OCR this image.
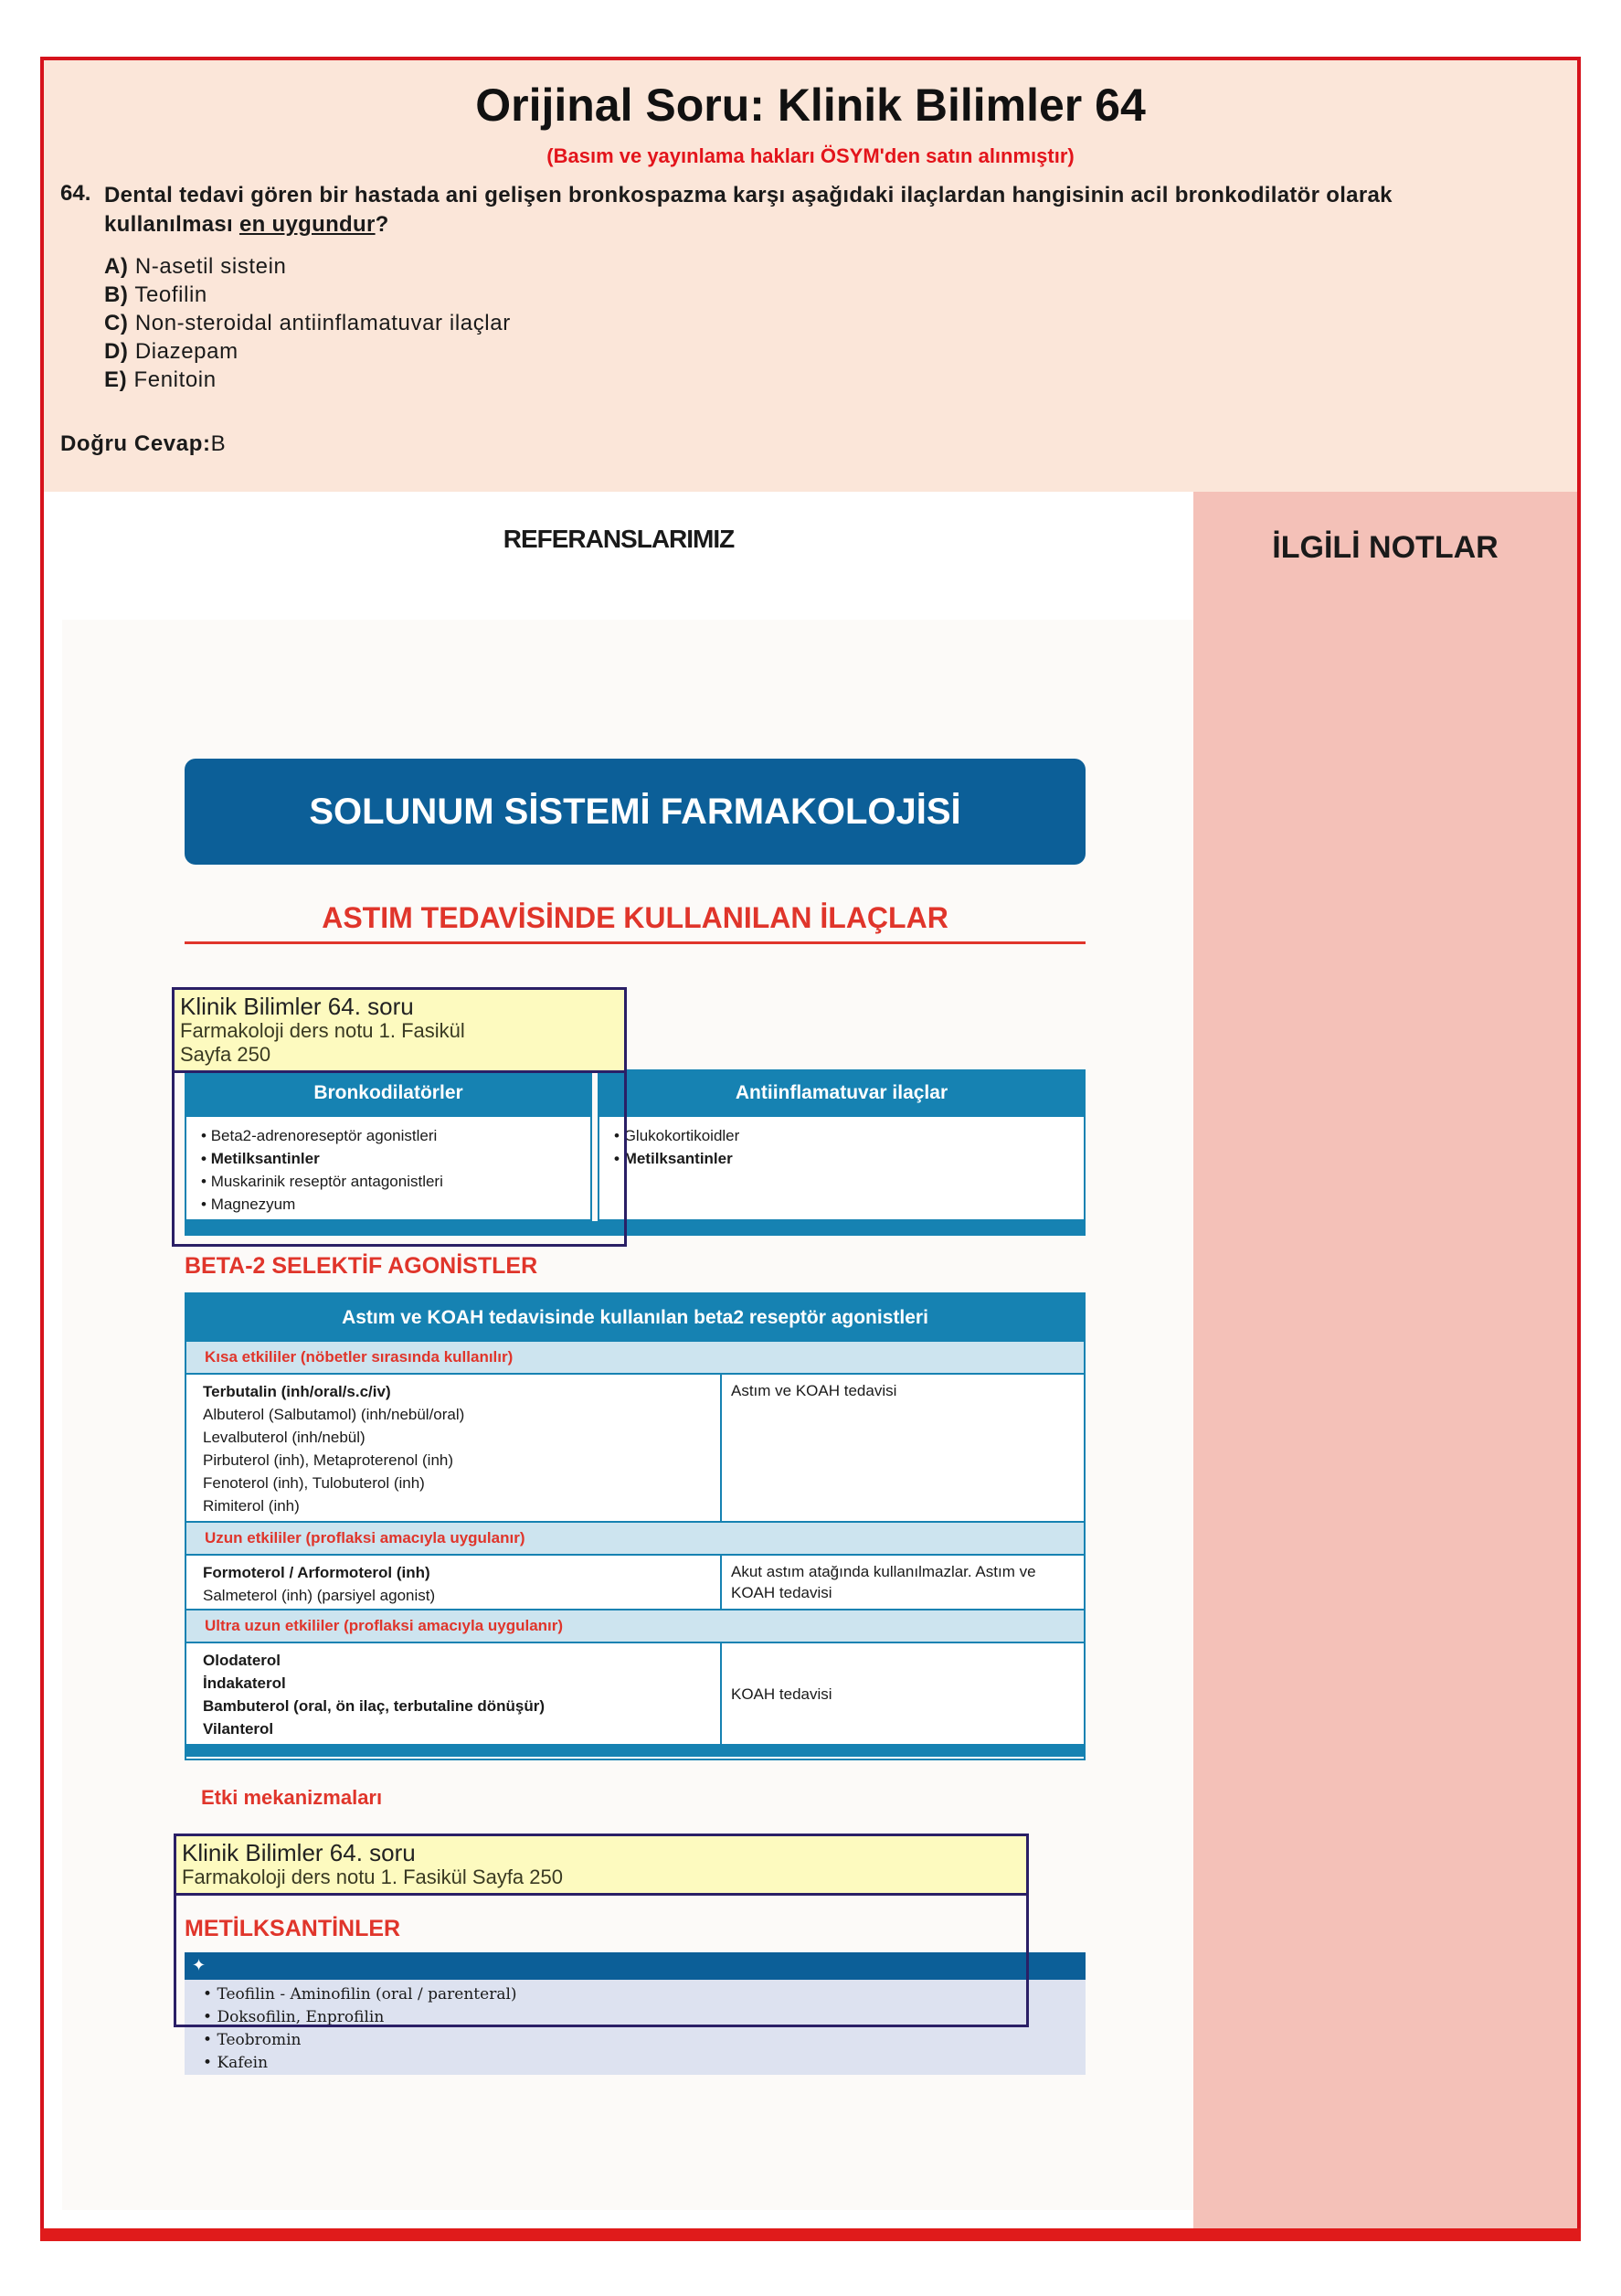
Orijinal Soru: Klinik Bilimler 64
(Basım ve yayınlama hakları ÖSYM'den satın alınmıştır)
64. Dental tedavi gören bir hastada ani gelişen bronkospazma karşı aşağıdaki ilaçlardan hangisinin acil bronkodilatör olarak kullanılması en uygundur?
A) N-asetil sistein
B) Teofilin
C) Non-steroidal antiinflamatuvar ilaçlar
D) Diazepam
E) Fenitoin
Doğru Cevap:B
REFERANSLARIMIZ
SOLUNUM SİSTEMİ FARMAKOLOJİSİ
ASTIM TEDAVİSİNDE KULLANILAN İLAÇLAR
Bronkodilatörler
• Beta2-adrenoreseptör agonistleri
• Metilksantinler
• Muskarinik reseptör antagonistleri
• Magnezyum
Antiinflamatuvar ilaçlar
• Glukokortikoidler
• Metilksantinler
BETA-2 SELEKTİF AGONİSTLER
Astım ve KOAH tedavisinde kullanılan beta2 reseptör agonistleri
Kısa etkililer (nöbetler sırasında kullanılır)
Terbutalin (inh/oral/s.c/iv)
Albuterol (Salbutamol) (inh/nebül/oral)
Levalbuterol (inh/nebül)
Pirbuterol (inh), Metaproterenol (inh)
Fenoterol (inh), Tulobuterol (inh)
Rimiterol (inh)
Astım ve KOAH tedavisi
Uzun etkililer (proflaksi amacıyla uygulanır)
Formoterol / Arformoterol (inh)
Salmeterol (inh) (parsiyel agonist)
Akut astım atağında kullanılmazlar. Astım ve KOAH tedavisi
Ultra uzun etkililer (proflaksi amacıyla uygulanır)
Olodaterol
İndakaterol
Bambuterol (oral, ön ilaç, terbutaline dönüşür)
Vilanterol
KOAH tedavisi
Etki mekanizmaları
METİLKSANTİNLER
✦
• Teofilin - Aminofilin (oral / parenteral)
• Doksofilin, Enprofilin
• Teobromin
• Kafein
Klinik Bilimler 64. soru
Farmakoloji ders notu 1. Fasikül
Sayfa 250
Klinik Bilimler 64. soru
Farmakoloji ders notu 1. Fasikül Sayfa 250
İLGİLİ NOTLAR
